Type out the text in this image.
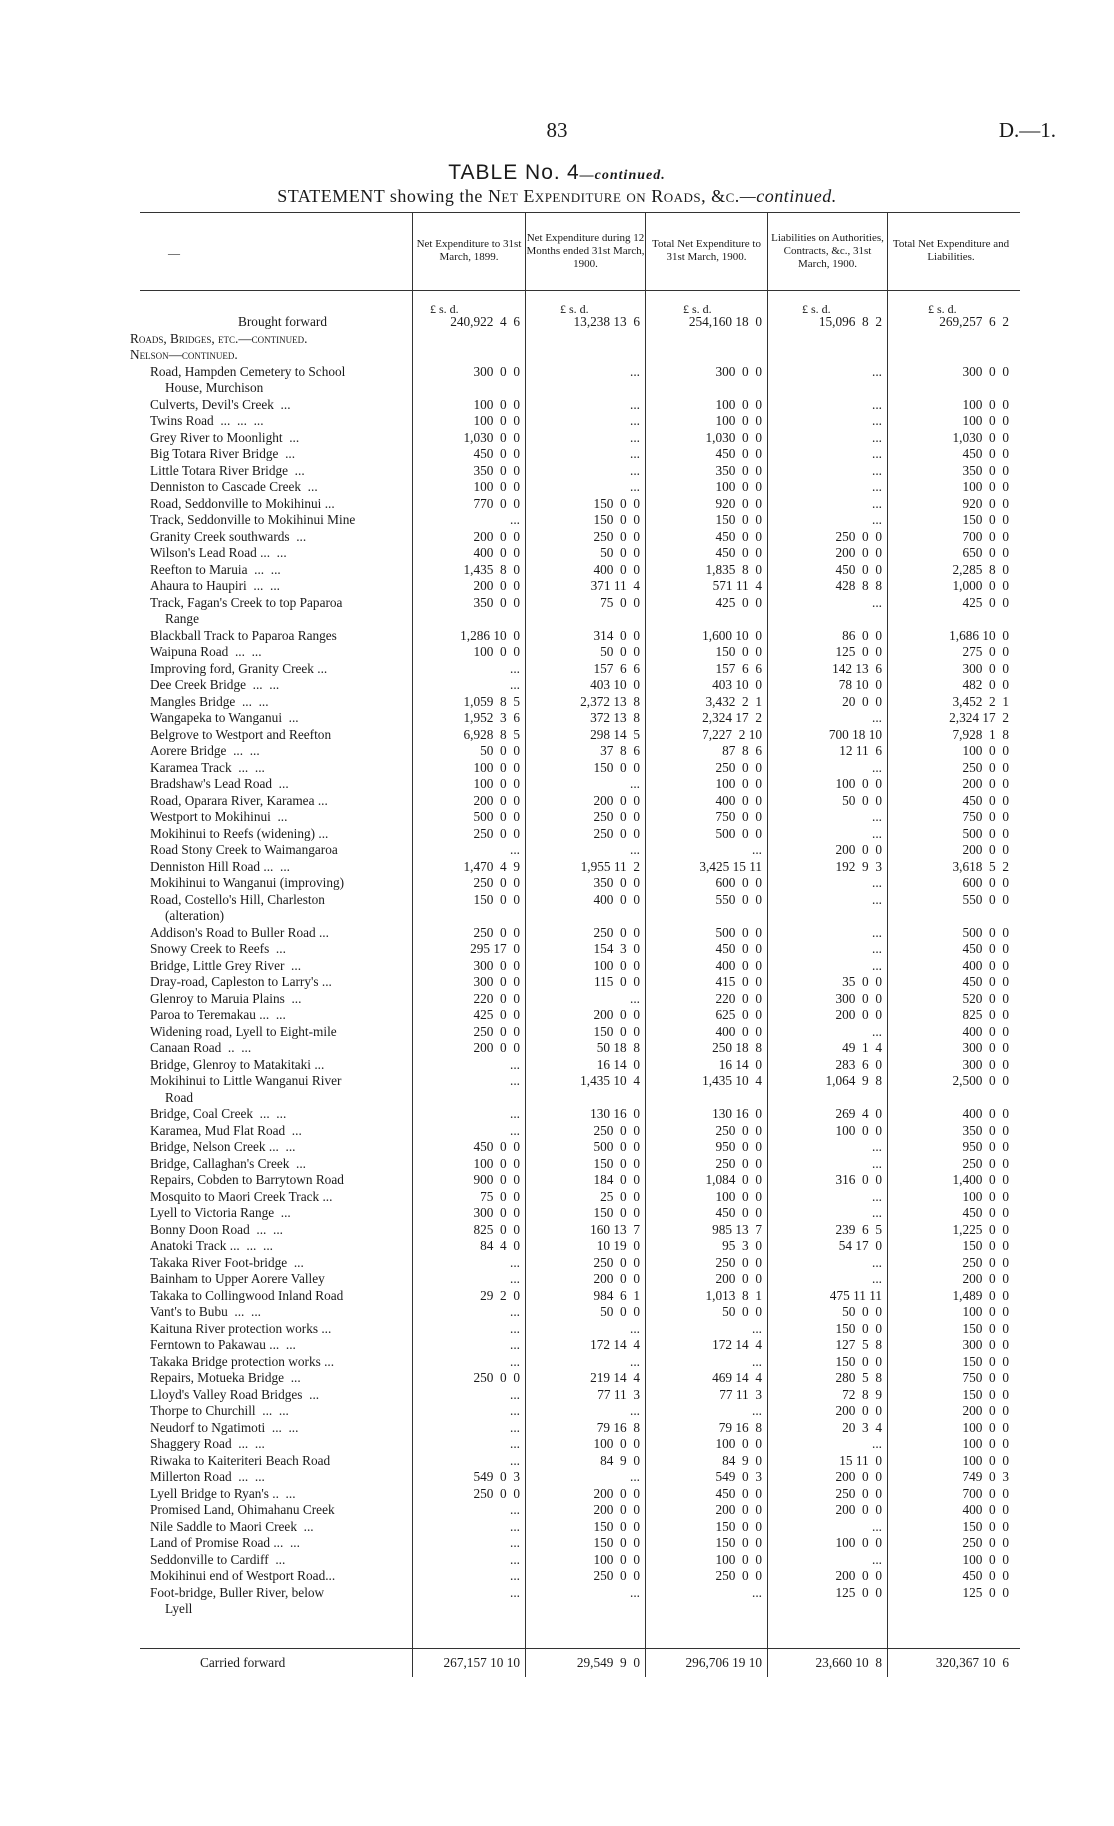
83	D.—1.
TABLE No. 4—continued.
STATEMENT showing the Net Expenditure on Roads, &c.—continued.
—
Net Expenditure to 31st March, 1899.
Net Expenditure during 12 Months ended 31st March, 1900.
Total Net Expenditure to 31st March, 1900.
Liabilities on Authorities, Contracts, &c., 31st March, 1900.
Total Net Expenditure and Liabilities.
£ s. d.	£ s. d.	£ s. d.	£ s. d.	£ s. d.
Brought forward	240,922  4  6	13,238 13  6	254,160 18  0	15,096  8  2	269,257  6  2
Roads, Bridges, etc.—continued.
Nelson—continued.
Road, Hampden Cemetery to School	300  0  0	...	300  0  0	...	300  0  0
House, Murchison
Culverts, Devil's Creek  ...	100  0  0	...	100  0  0	...	100  0  0
Twins Road  ...  ...  ...	100  0  0	...	100  0  0	...	100  0  0
Grey River to Moonlight  ...	1,030  0  0	...	1,030  0  0	...	1,030  0  0
Big Totara River Bridge  ...	450  0  0	...	450  0  0	...	450  0  0
Little Totara River Bridge  ...	350  0  0	...	350  0  0	...	350  0  0
Denniston to Cascade Creek  ...	100  0  0	...	100  0  0	...	100  0  0
Road, Seddonville to Mokihinui ...	770  0  0	150  0  0	920  0  0	...	920  0  0
Track, Seddonville to Mokihinui Mine	...	150  0  0	150  0  0	...	150  0  0
Granity Creek southwards  ...	200  0  0	250  0  0	450  0  0	250  0  0	700  0  0
Wilson's Lead Road ...  ...	400  0  0	50  0  0	450  0  0	200  0  0	650  0  0
Reefton to Maruia  ...  ...	1,435  8  0	400  0  0	1,835  8  0	450  0  0	2,285  8  0
Ahaura to Haupiri  ...  ...	200  0  0	371 11  4	571 11  4	428  8  8	1,000  0  0
Track, Fagan's Creek to top Paparoa	350  0  0	75  0  0	425  0  0	...	425  0  0
Range
Blackball Track to Paparoa Ranges	1,286 10  0	314  0  0	1,600 10  0	86  0  0	1,686 10  0
Waipuna Road  ...  ...	100  0  0	50  0  0	150  0  0	125  0  0	275  0  0
Improving ford, Granity Creek ...	...	157  6  6	157  6  6	142 13  6	300  0  0
Dee Creek Bridge  ...  ...	...	403 10  0	403 10  0	78 10  0	482  0  0
Mangles Bridge  ...  ...	1,059  8  5	2,372 13  8	3,432  2  1	20  0  0	3,452  2  1
Wangapeka to Wanganui  ...	1,952  3  6	372 13  8	2,324 17  2	...	2,324 17  2
Belgrove to Westport and Reefton	6,928  8  5	298 14  5	7,227  2 10	700 18 10	7,928  1  8
Aorere Bridge  ...  ...	50  0  0	37  8  6	87  8  6	12 11  6	100  0  0
Karamea Track  ...  ...	100  0  0	150  0  0	250  0  0	...	250  0  0
Bradshaw's Lead Road  ...	100  0  0	...	100  0  0	100  0  0	200  0  0
Road, Oparara River, Karamea ...	200  0  0	200  0  0	400  0  0	50  0  0	450  0  0
Westport to Mokihinui  ...	500  0  0	250  0  0	750  0  0	...	750  0  0
Mokihinui to Reefs (widening) ...	250  0  0	250  0  0	500  0  0	...	500  0  0
Road Stony Creek to Waimangaroa	...	...	...	200  0  0	200  0  0
Denniston Hill Road ...  ...	1,470  4  9	1,955 11  2	3,425 15 11	192  9  3	3,618  5  2
Mokihinui to Wanganui (improving)	250  0  0	350  0  0	600  0  0	...	600  0  0
Road, Costello's Hill, Charleston	150  0  0	400  0  0	550  0  0	...	550  0  0
(alteration)
Addison's Road to Buller Road ...	250  0  0	250  0  0	500  0  0	...	500  0  0
Snowy Creek to Reefs  ...	295 17  0	154  3  0	450  0  0	...	450  0  0
Bridge, Little Grey River  ...	300  0  0	100  0  0	400  0  0	...	400  0  0
Dray-road, Capleston to Larry's ...	300  0  0	115  0  0	415  0  0	35  0  0	450  0  0
Glenroy to Maruia Plains  ...	220  0  0	...	220  0  0	300  0  0	520  0  0
Paroa to Teremakau ...  ...	425  0  0	200  0  0	625  0  0	200  0  0	825  0  0
Widening road, Lyell to Eight-mile	250  0  0	150  0  0	400  0  0	...	400  0  0
Canaan Road  ..  ...	200  0  0	50 18  8	250 18  8	49  1  4	300  0  0
Bridge, Glenroy to Matakitaki ...	...	16 14  0	16 14  0	283  6  0	300  0  0
Mokihinui to Little Wanganui River	...	1,435 10  4	1,435 10  4	1,064  9  8	2,500  0  0
Road
Bridge, Coal Creek  ...  ...	...	130 16  0	130 16  0	269  4  0	400  0  0
Karamea, Mud Flat Road  ...	...	250  0  0	250  0  0	100  0  0	350  0  0
Bridge, Nelson Creek ...  ...	450  0  0	500  0  0	950  0  0	...	950  0  0
Bridge, Callaghan's Creek  ...	100  0  0	150  0  0	250  0  0	...	250  0  0
Repairs, Cobden to Barrytown Road	900  0  0	184  0  0	1,084  0  0	316  0  0	1,400  0  0
Mosquito to Maori Creek Track ...	75  0  0	25  0  0	100  0  0	...	100  0  0
Lyell to Victoria Range  ...	300  0  0	150  0  0	450  0  0	...	450  0  0
Bonny Doon Road  ...  ...	825  0  0	160 13  7	985 13  7	239  6  5	1,225  0  0
Anatoki Track ...  ...  ...	84  4  0	10 19  0	95  3  0	54 17  0	150  0  0
Takaka River Foot-bridge  ...	...	250  0  0	250  0  0	...	250  0  0
Bainham to Upper Aorere Valley	...	200  0  0	200  0  0	...	200  0  0
Takaka to Collingwood Inland Road	29  2  0	984  6  1	1,013  8  1	475 11 11	1,489  0  0
Vant's to Bubu  ...  ...	...	50  0  0	50  0  0	50  0  0	100  0  0
Kaituna River protection works ...	...	...	...	150  0  0	150  0  0
Ferntown to Pakawau ...  ...	...	172 14  4	172 14  4	127  5  8	300  0  0
Takaka Bridge protection works ...	...	...	...	150  0  0	150  0  0
Repairs, Motueka Bridge  ...	250  0  0	219 14  4	469 14  4	280  5  8	750  0  0
Lloyd's Valley Road Bridges  ...	...	77 11  3	77 11  3	72  8  9	150  0  0
Thorpe to Churchill  ...  ...	...	...	...	200  0  0	200  0  0
Neudorf to Ngatimoti  ...  ...	...	79 16  8	79 16  8	20  3  4	100  0  0
Shaggery Road  ...  ...	...	100  0  0	100  0  0	...	100  0  0
Riwaka to Kaiteriteri Beach Road	...	84  9  0	84  9  0	15 11  0	100  0  0
Millerton Road  ...  ...	549  0  3	...	549  0  3	200  0  0	749  0  3
Lyell Bridge to Ryan's ..  ...	250  0  0	200  0  0	450  0  0	250  0  0	700  0  0
Promised Land, Ohimahanu Creek	...	200  0  0	200  0  0	200  0  0	400  0  0
Nile Saddle to Maori Creek  ...	...	150  0  0	150  0  0	...	150  0  0
Land of Promise Road ...  ...	...	150  0  0	150  0  0	100  0  0	250  0  0
Seddonville to Cardiff  ...	...	100  0  0	100  0  0	...	100  0  0
Mokihinui end of Westport Road...	...	250  0  0	250  0  0	200  0  0	450  0  0
Foot-bridge, Buller River, below	...	...	...	125  0  0	125  0  0
Lyell
Carried forward	267,157 10 10	29,549  9  0	296,706 19 10	23,660 10  8	320,367 10  6
